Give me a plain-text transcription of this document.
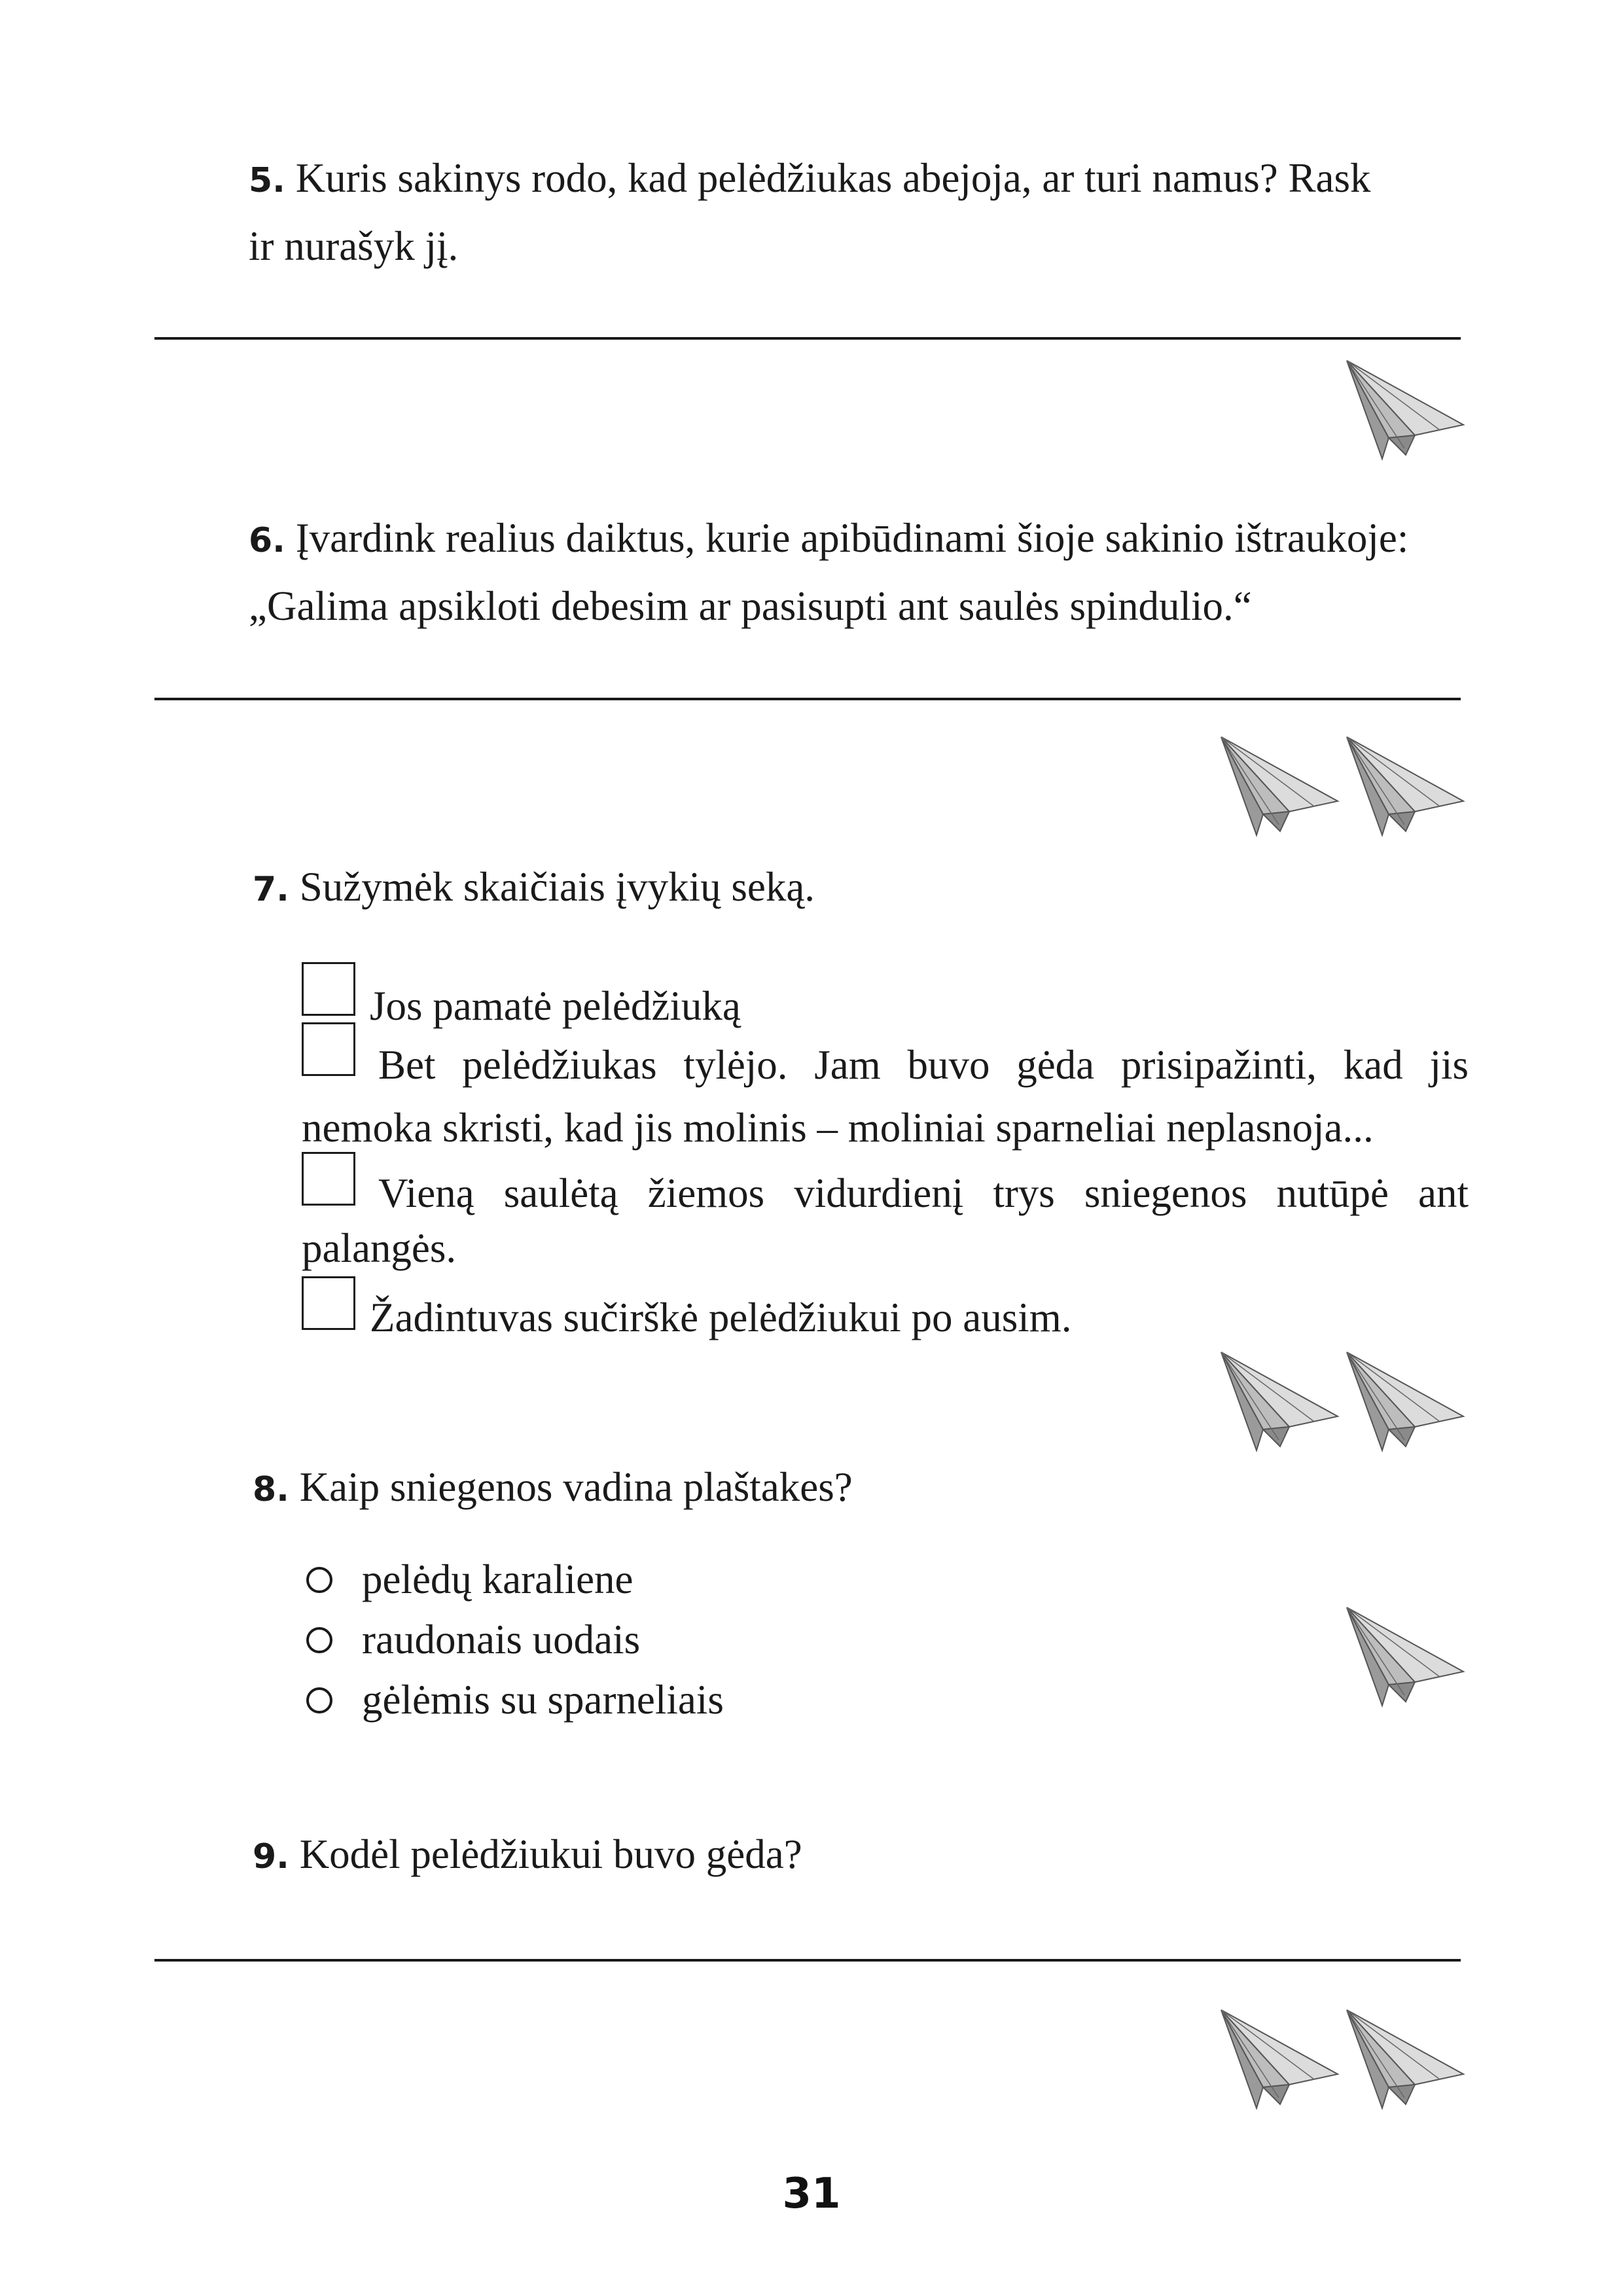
5. Kuris sakinys rodo, kad pelėdžiukas abejoja, ar turi namus? Rask
ir nurašyk jį.
6. Įvardink realius daiktus, kurie apibūdinami šioje sakinio ištraukoje:
„Galima apsikloti debesim ar pasisupti ant saulės spindulio.“
7. Sužymėk skaičiais įvykių seką.
Jos pamatė pelėdžiuką
Bet pelėdžiukas tylėjo. Jam buvo gėda prisipažinti, kad jis
nemoka skristi, kad jis molinis – moliniai sparneliai neplasnoja...
Vieną saulėtą žiemos vidurdienį trys sniegenos nutūpė ant
palangės.
Žadintuvas sučirškė pelėdžiukui po ausim.
8. Kaip sniegenos vadina plaštakes?
pelėdų karaliene
raudonais uodais
gėlėmis su sparneliais
9. Kodėl pelėdžiukui buvo gėda?
31
